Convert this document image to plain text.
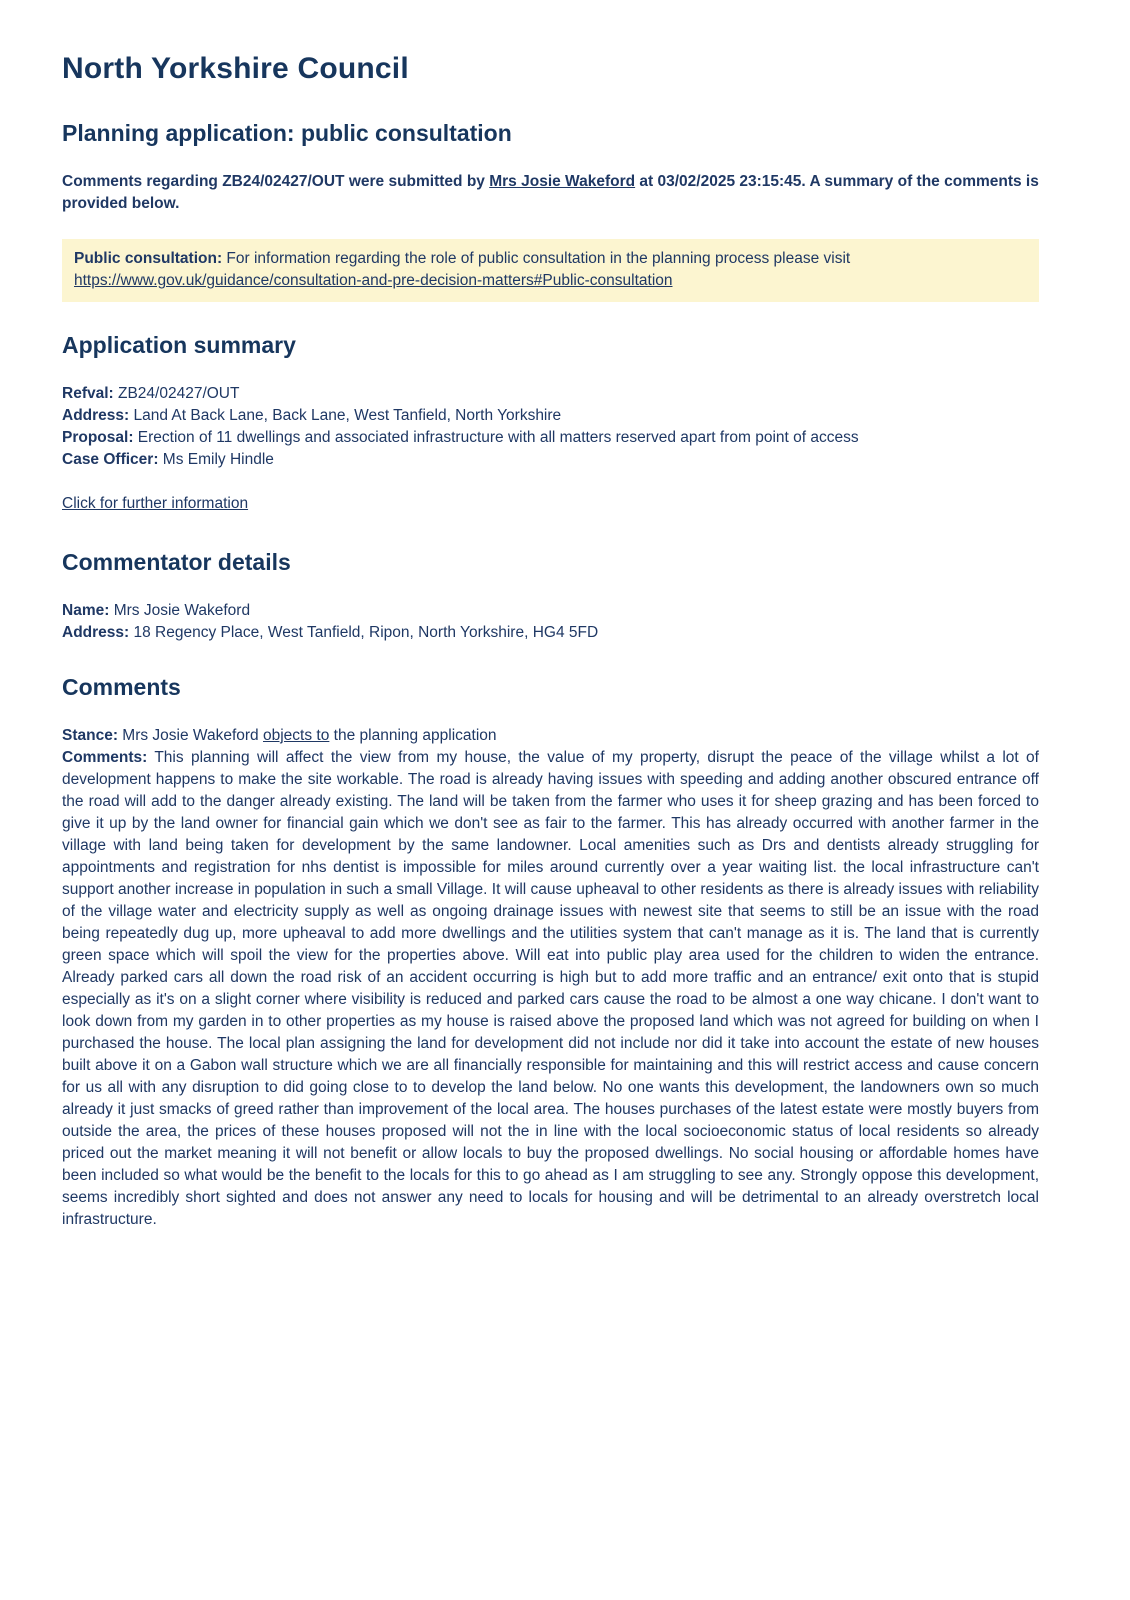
North Yorkshire Council
Planning application: public consultation

Comments regarding ZB24/02427/OUT were submitted by Mrs Josie Wakeford at 03/02/2025 23:15:45. A summary of the comments is provided below.

Public consultation: For information regarding the role of public consultation in the planning process please visit
https://www.gov.uk/guidance/consultation-and-pre-decision-matters#Public-consultation
Application summary
Refval: ZB24/02427/OUT
Address: Land At Back Lane, Back Lane, West Tanfield, North Yorkshire
Proposal: Erection of 11 dwellings and associated infrastructure with all matters reserved apart from point of access
Case Officer: Ms Emily Hindle
Click for further information
Commentator details
Name: Mrs Josie Wakeford
Address: 18 Regency Place, West Tanfield, Ripon, North Yorkshire, HG4 5FD
Comments
Stance: Mrs Josie Wakeford objects to the planning application
Comments: This planning will affect the view from my house, the value of my property, disrupt the peace of the village whilst a lot of development happens to make the site workable. The road is already having issues with speeding and adding another obscured entrance off the road will add to the danger already existing. The land will be taken from the farmer who uses it for sheep grazing and has been forced to give it up by the land owner for financial gain which we don't see as fair to the farmer. This has already occurred with another farmer in the village with land being taken for development by the same landowner. Local amenities such as Drs and dentists already struggling for appointments and registration for nhs dentist is impossible for miles around currently over a year waiting list. the local infrastructure can't support another increase in population in such a small Village. It will cause upheaval to other residents as there is already issues with reliability of the village water and electricity supply as well as ongoing drainage issues with newest site that seems to still be an issue with the road being repeatedly dug up, more upheaval to add more dwellings and the utilities system that can't manage as it is. The land that is currently green space which will spoil the view for the properties above. Will eat into public play area used for the children to widen the entrance. Already parked cars all down the road risk of an accident occurring is high but to add more traffic and an entrance/ exit onto that is stupid especially as it's on a slight corner where visibility is reduced and parked cars cause the road to be almost a one way chicane. I don't want to look down from my garden in to other properties as my house is raised above the proposed land which was not agreed for building on when I purchased the house. The local plan assigning the land for development did not include nor did it take into account the estate of new houses built above it on a Gabon wall structure which we are all financially responsible for maintaining and this will restrict access and cause concern for us all with any disruption to did going close to to develop the land below. No one wants this development, the landowners own so much already it just smacks of greed rather than improvement of the local area. The houses purchases of the latest estate were mostly buyers from outside the area, the prices of these houses proposed will not the in line with the local socioeconomic status of local residents so already priced out the market meaning it will not benefit or allow locals to buy the proposed dwellings. No social housing or affordable homes have been included so what would be the benefit to the locals for this to go ahead as I am struggling to see any. Strongly oppose this development, seems incredibly short sighted and does not answer any need to locals for housing and will be detrimental to an already overstretch local infrastructure.
